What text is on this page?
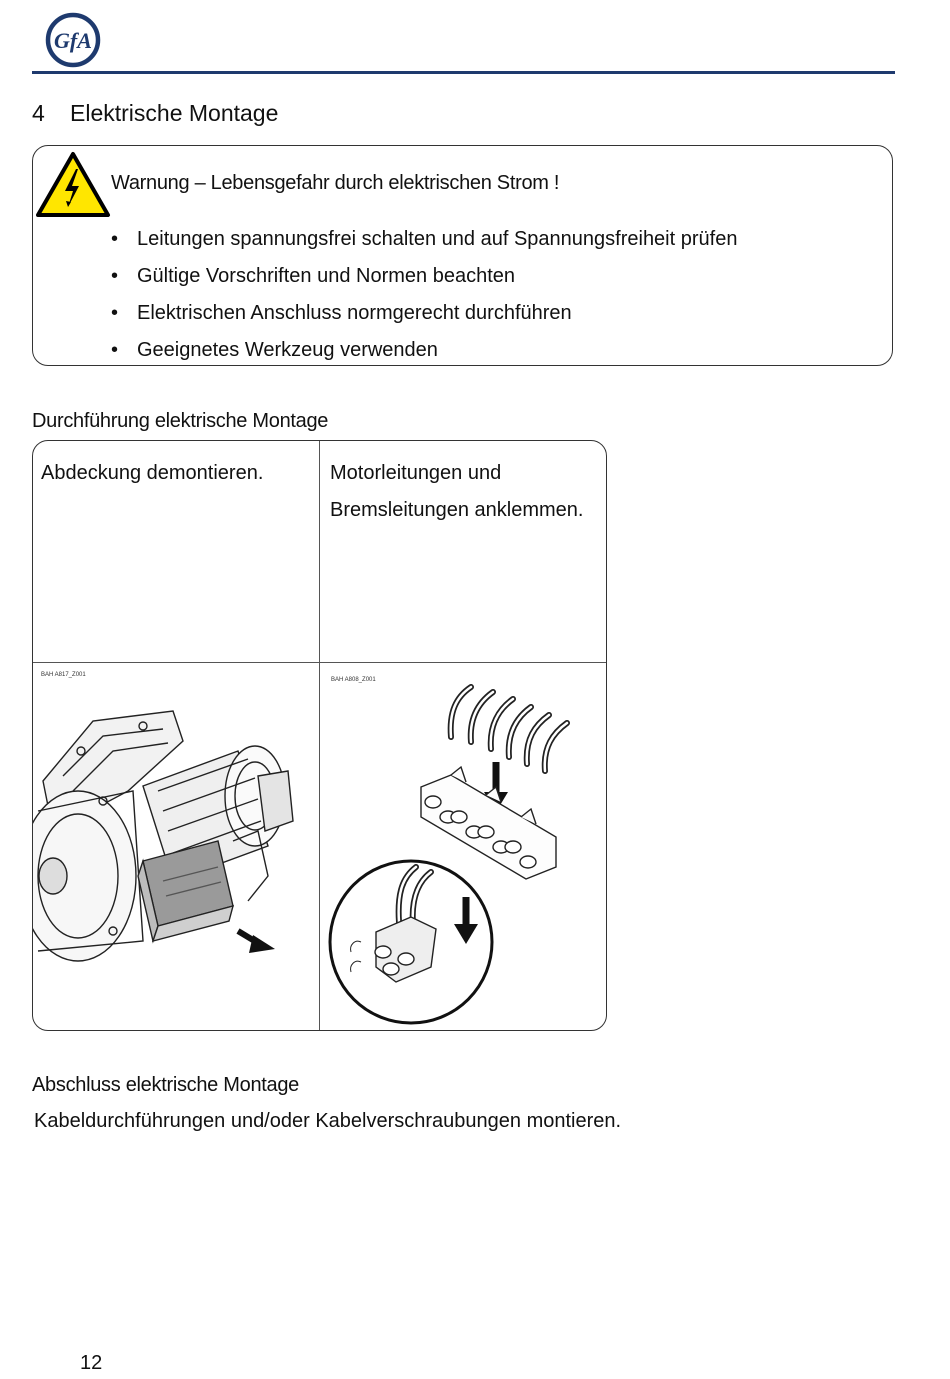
GfA
4 Elektrische Montage
Warnung – Lebensgefahr durch elektrischen Strom !
• Leitungen spannungsfrei schalten und auf Spannungsfreiheit prüfen
• Gültige Vorschriften und Normen beachten
• Elektrischen Anschluss normgerecht durchführen
• Geeignetes Werkzeug verwenden
Durchführung elektrische Montage
Abdeckung demontieren.	Motorleitungen und
Bremsleitungen anklemmen.
BAH A817_Z001
BAH A808_Z001
Abschluss elektrische Montage
Kabeldurchführungen und/oder Kabelverschraubungen montieren.
12
